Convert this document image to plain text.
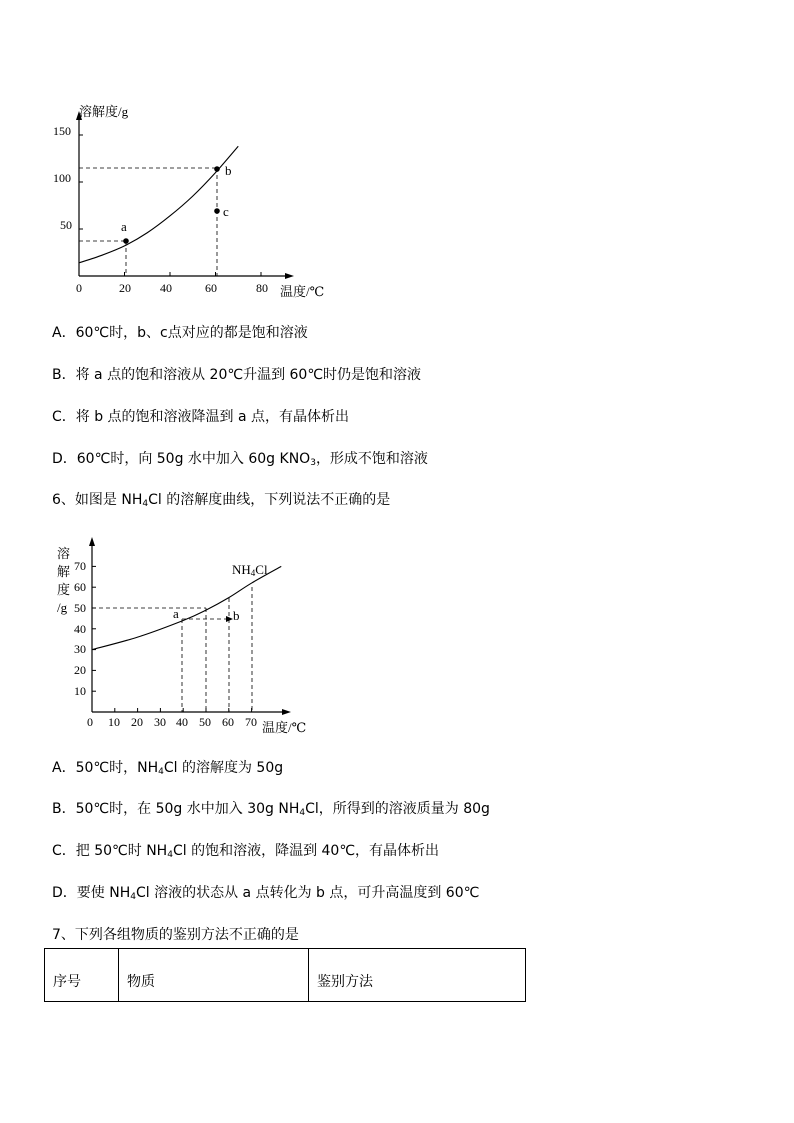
a
b
c
溶解度/g
温度/℃
150
100
50
0	20 40	60	80
A．60℃时，b、c点对应的都是饱和溶液
B．将 a 点的饱和溶液从 20℃升温到 60℃时仍是饱和溶液
C．将 b 点的饱和溶液降温到 a 点，有晶体析出
D．60℃时，向 50g 水中加入 60g $KNO_3$，形成不饱和溶液
6、如图是 $NH_4Cl$ 的溶解度曲线，下列说法不正确的是
a	b
NH4Cl
溶
解
度
/g
温度/℃
70
60
50
40
30
20
10
0 10 20 30 40 50 60 70
A．50℃时，$NH_4Cl$ 的溶解度为 50g
B．50℃时，在 50g 水中加入 30g $NH_4Cl$，所得到的溶液质量为 80g
C．把 50℃时 $NH_4Cl$ 的饱和溶液，降温到 40℃，有晶体析出
D．要使 $NH_4Cl$ 溶液的状态从 a 点转化为 b 点，可升高温度到 60℃
7、下列各组物质的鉴别方法不正确的是
序号	物质	鉴别方法
